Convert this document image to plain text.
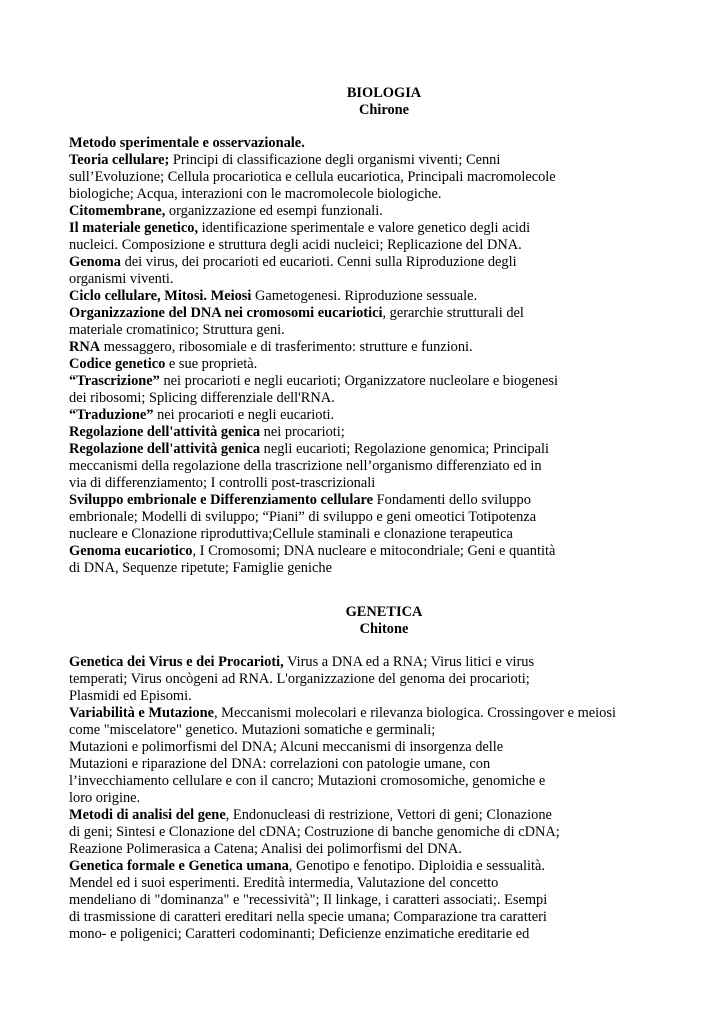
BIOLOGIA
Chirone
Metodo sperimentale e osservazionale.
Teoria cellulare; Principi di classificazione degli organismi viventi; Cenni
sull’Evoluzione; Cellula procariotica e cellula eucariotica, Principali macromolecole
biologiche; Acqua, interazioni con le macromolecole biologiche.
Citomembrane, organizzazione ed esempi funzionali.
Il materiale genetico, identificazione sperimentale e valore genetico degli acidi
nucleici. Composizione e struttura degli acidi nucleici; Replicazione del DNA.
Genoma dei virus, dei procarioti ed eucarioti. Cenni sulla Riproduzione degli
organismi viventi.
Ciclo cellulare, Mitosi. Meiosi Gametogenesi. Riproduzione sessuale.
Organizzazione del DNA nei cromosomi eucariotici, gerarchie strutturali del
materiale cromatinico; Struttura geni.
RNA messaggero, ribosomiale e di trasferimento: strutture e funzioni.
Codice genetico e sue proprietà.
“Trascrizione” nei procarioti e negli eucarioti; Organizzatore nucleolare e biogenesi
dei ribosomi; Splicing differenziale dell'RNA.
“Traduzione” nei procarioti e negli eucarioti.
Regolazione dell'attività genica nei procarioti;
Regolazione dell'attività genica negli eucarioti; Regolazione genomica; Principali
meccanismi della regolazione della trascrizione nell’organismo differenziato ed in
via di differenziamento; I controlli post-trascrizionali
Sviluppo embrionale e Differenziamento cellulare Fondamenti dello sviluppo
embrionale; Modelli di sviluppo; “Piani” di sviluppo e geni omeotici Totipotenza
nucleare e Clonazione riproduttiva;Cellule staminali e clonazione terapeutica
Genoma eucariotico, I Cromosomi; DNA nucleare e mitocondriale; Geni e quantità
di DNA, Sequenze ripetute; Famiglie geniche
GENETICA
Chitone
Genetica dei Virus e dei Procarioti, Virus a DNA ed a RNA; Virus litici e virus
temperati; Virus oncògeni ad RNA. L'organizzazione del genoma dei procarioti;
Plasmidi ed Episomi.
Variabilità e Mutazione, Meccanismi molecolari e rilevanza biologica. Crossingover e meiosi
come "miscelatore" genetico. Mutazioni somatiche e germinali;
Mutazioni e polimorfismi del DNA; Alcuni meccanismi di insorgenza delle
Mutazioni e riparazione del DNA: correlazioni con patologie umane, con
l’invecchiamento cellulare e con il cancro; Mutazioni cromosomiche, genomiche e
loro origine.
Metodi di analisi del gene, Endonucleasi di restrizione, Vettori di geni; Clonazione
di geni; Sintesi e Clonazione del cDNA; Costruzione di banche genomiche di cDNA;
Reazione Polimerasica a Catena; Analisi dei polimorfismi del DNA.
Genetica formale e Genetica umana, Genotipo e fenotipo. Diploidia e sessualità.
Mendel ed i suoi esperimenti. Eredità intermedia, Valutazione del concetto
mendeliano di "dominanza" e "recessività"; Il linkage, i caratteri associati;. Esempi
di trasmissione di caratteri ereditari nella specie umana; Comparazione tra caratteri
mono- e poligenici; Caratteri codominanti; Deficienze enzimatiche ereditarie ed
